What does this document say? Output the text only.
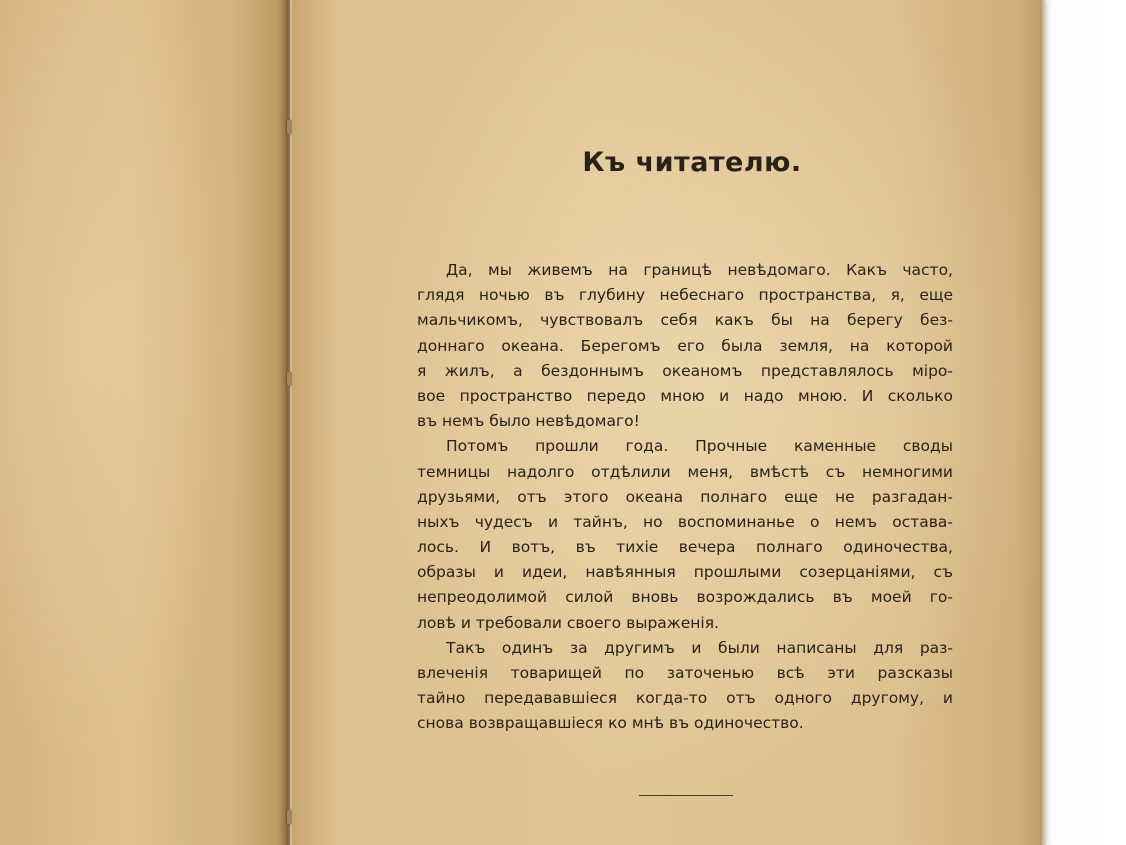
Къ читателю.
Да, мы живемъ на границѣ невѣдомаго. Какъ часто,
глядя ночью въ глубину небеснаго пространства, я, еще
мальчикомъ, чувствовалъ себя какъ бы на берегу без-
доннаго океана. Берегомъ его была земля, на которой
я жилъ, а бездоннымъ океаномъ представлялось міро-
вое пространство передо мною и надо мною. И сколько
въ немъ было невѣдомаго!
Потомъ прошли года. Прочные каменные своды
темницы надолго отдѣлили меня, вмѣстѣ съ немногими
друзьями, отъ этого океана полнаго еще не разгадан-
ныхъ чудесъ и тайнъ, но воспоминанье о немъ остава-
лось. И вотъ, въ тихіе вечера полнаго одиночества,
образы и идеи, навѣянныя прошлыми созерцаніями, съ
непреодолимой силой вновь возрождались въ моей го-
ловѣ и требовали своего выраженія.
Такъ одинъ за другимъ и были написаны для раз-
влеченія товарищей по заточенью всѣ эти разсказы
тайно передававшіеся когда-то отъ одного другому, и
снова возвращавшіеся ко мнѣ въ одиночество.
